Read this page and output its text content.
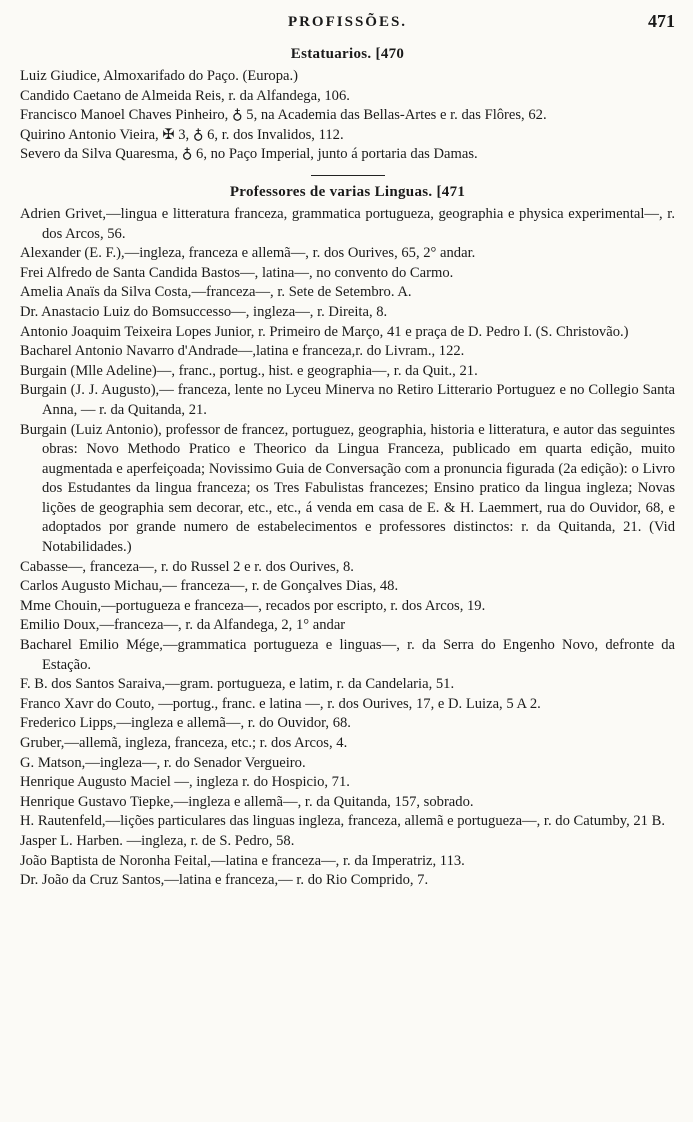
PROFISSÕES.	471
Estatuarios. [470
Luiz Giudice, Almoxarifado do Paço. (Europa.)
Candido Caetano de Almeida Reis, r. da Alfandega, 106.
Francisco Manoel Chaves Pinheiro, ♁ 5, na Academia das Bellas-Artes e r. das Flôres, 62.
Quirino Antonio Vieira, ✠ 3, ♁ 6, r. dos Invalidos, 112.
Severo da Silva Quaresma, ♁ 6, no Paço Imperial, junto á portaria das Damas.
Professores de varias Linguas. [471
Adrien Grivet,—lingua e litteratura franceza, grammatica portugueza, geographia e physica experimental—, r. dos Arcos, 56.
Alexander (E. F.),—ingleza, franceza e allemã—, r. dos Ourives, 65, 2° andar.
Frei Alfredo de Santa Candida Bastos—, latina—, no convento do Carmo.
Amelia Anaïs da Silva Costa,—franceza—, r. Sete de Setembro. A.
Dr. Anastacio Luiz do Bomsuccesso—, ingleza—, r. Direita, 8.
Antonio Joaquim Teixeira Lopes Junior, r. Primeiro de Março, 41 e praça de D. Pedro I. (S. Christovão.)
Bacharel Antonio Navarro d'Andrade—,latina e franceza,r. do Livram., 122.
Burgain (Mlle Adeline)—, franc., portug., hist. e geographia—, r. da Quit., 21.
Burgain (J. J. Augusto),— franceza, lente no Lyceu Minerva no Retiro Litterario Portuguez e no Collegio Santa Anna, — r. da Quitanda, 21.
Burgain (Luiz Antonio), professor de francez, portuguez, geographia, historia e litteratura, e autor das seguintes obras: Novo Methodo Pratico e Theorico da Lingua Franceza, publicado em quarta edição, muito augmentada e aperfeiçoada; Novissimo Guia de Conversação com a pronuncia figurada (2a edição): o Livro dos Estudantes da lingua franceza; os Tres Fabulistas francezes; Ensino pratico da lingua ingleza; Novas lições de geographia sem decorar, etc., etc., á venda em casa de E. & H. Laemmert, rua do Ouvidor, 68, e adoptados por grande numero de estabelecimentos e professores distinctos: r. da Quitanda, 21. (Vid Notabilidades.)
Cabasse—, franceza—, r. do Russel 2 e r. dos Ourives, 8.
Carlos Augusto Michau,— franceza—, r. de Gonçalves Dias, 48.
Mme Chouin,—portugueza e franceza—, recados por escripto, r. dos Arcos, 19.
Emilio Doux,—franceza—, r. da Alfandega, 2, 1° andar
Bacharel Emilio Mége,—grammatica portugueza e linguas—, r. da Serra do Engenho Novo, defronte da Estação.
F. B. dos Santos Saraiva,—gram. portugueza, e latim, r. da Candelaria, 51.
Franco Xavr do Couto, —portug., franc. e latina —, r. dos Ourives, 17, e D. Luiza, 5 A 2.
Frederico Lipps,—ingleza e allemã—, r. do Ouvidor, 68.
Gruber,—allemã, ingleza, franceza, etc.; r. dos Arcos, 4.
G. Matson,—ingleza—, r. do Senador Vergueiro.
Henrique Augusto Maciel —, ingleza r. do Hospicio, 71.
Henrique Gustavo Tiepke,—ingleza e allemã—, r. da Quitanda, 157, sobrado.
H. Rautenfeld,—lições particulares das linguas ingleza, franceza, allemã e portugueza—, r. do Catumby, 21 B.
Jasper L. Harben. —ingleza, r. de S. Pedro, 58.
João Baptista de Noronha Feital,—latina e franceza—, r. da Imperatriz, 113.
Dr. João da Cruz Santos,—latina e franceza,— r. do Rio Comprido, 7.
